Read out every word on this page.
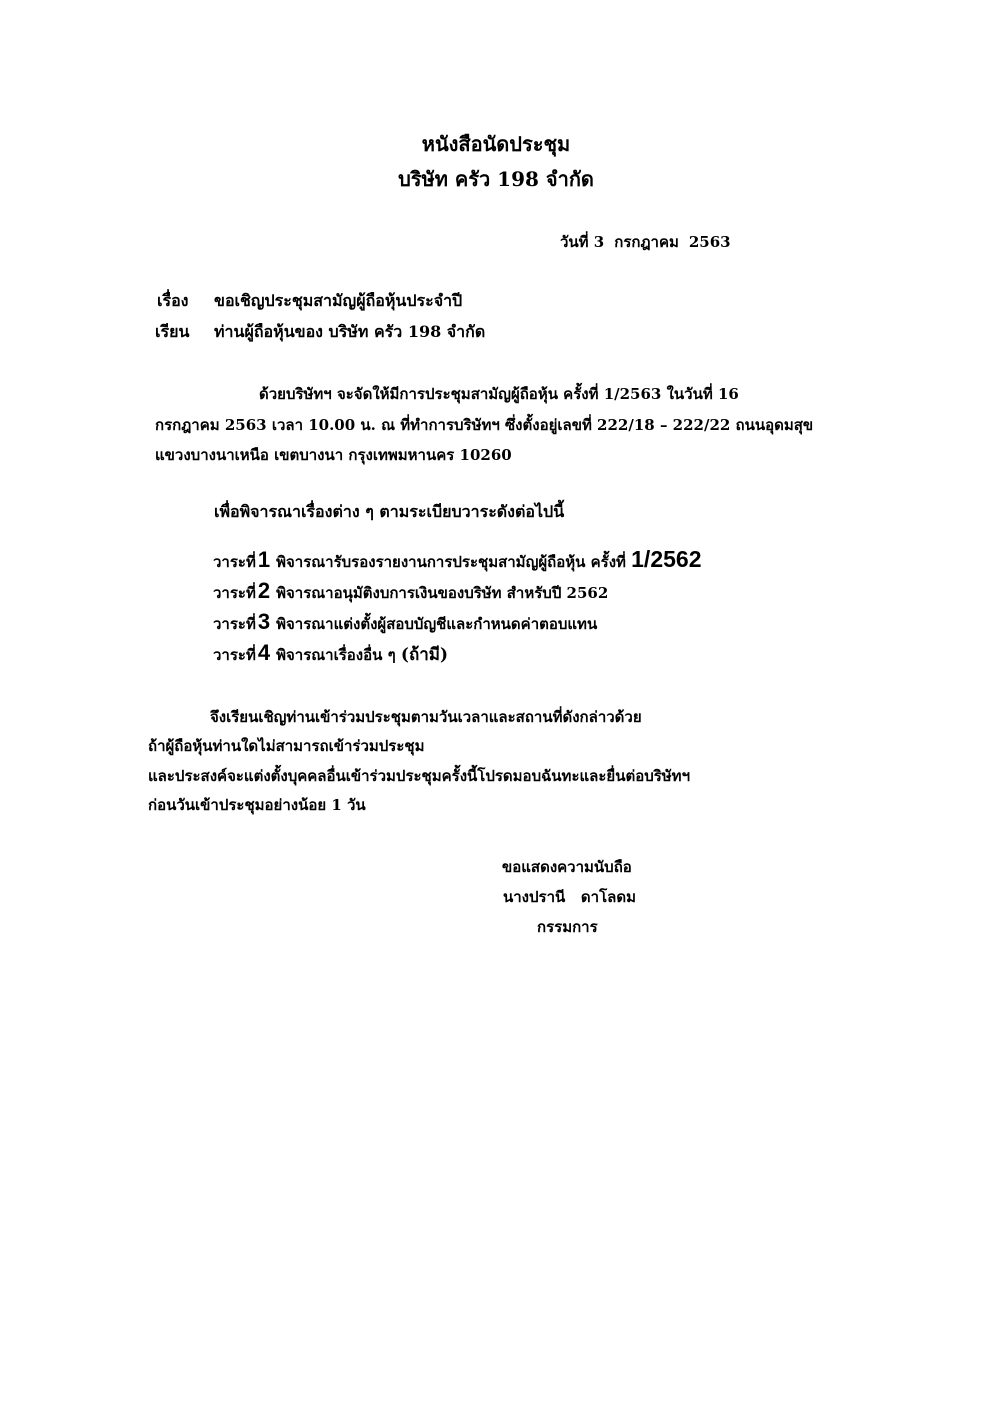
หนังสือนัดประชุม
บริษัท ครัว 198 จำกัด
วันที่ 3 กรกฎาคม 2563
เรื่อง ขอเชิญประชุมสามัญผู้ถือหุ้นประจำปี
เรียน ท่านผู้ถือหุ้นของ บริษัท ครัว 198 จำกัด
ด้วยบริษัทฯ จะจัดให้มีการประชุมสามัญผู้ถือหุ้น ครั้งที่ 1/2563 ในวันที่ 16
กรกฎาคม 2563 เวลา 10.00 น. ณ ที่ทำการบริษัทฯ ซึ่งตั้งอยู่เลขที่ 222/18 – 222/22 ถนนอุดมสุข
แขวงบางนาเหนือ เขตบางนา กรุงเทพมหานคร 10260
เพื่อพิจารณาเรื่องต่าง ๆ ตามระเบียบวาระดังต่อไปนี้
วาระที่1 พิจารณารับรองรายงานการประชุมสามัญผู้ถือหุ้น ครั้งที่ 1/2562
วาระที่2 พิจารณาอนุมัติงบการเงินของบริษัท สำหรับปี 2562
วาระที่3 พิจารณาแต่งตั้งผู้สอบบัญชีและกำหนดค่าตอบแทน
วาระที่4 พิจารณาเรื่องอื่น ๆ (ถ้ามี)
จึงเรียนเชิญท่านเข้าร่วมประชุมตามวันเวลาและสถานที่ดังกล่าวด้วย
ถ้าผู้ถือหุ้นท่านใดไม่สามารถเข้าร่วมประชุม
และประสงค์จะแต่งตั้งบุคคลอื่นเข้าร่วมประชุมครั้งนี้โปรดมอบฉันทะและยื่นต่อบริษัทฯ
ก่อนวันเข้าประชุมอย่างน้อย 1 วัน
ขอแสดงความนับถือ
นางปรานี   ดาโลดม
กรรมการ
